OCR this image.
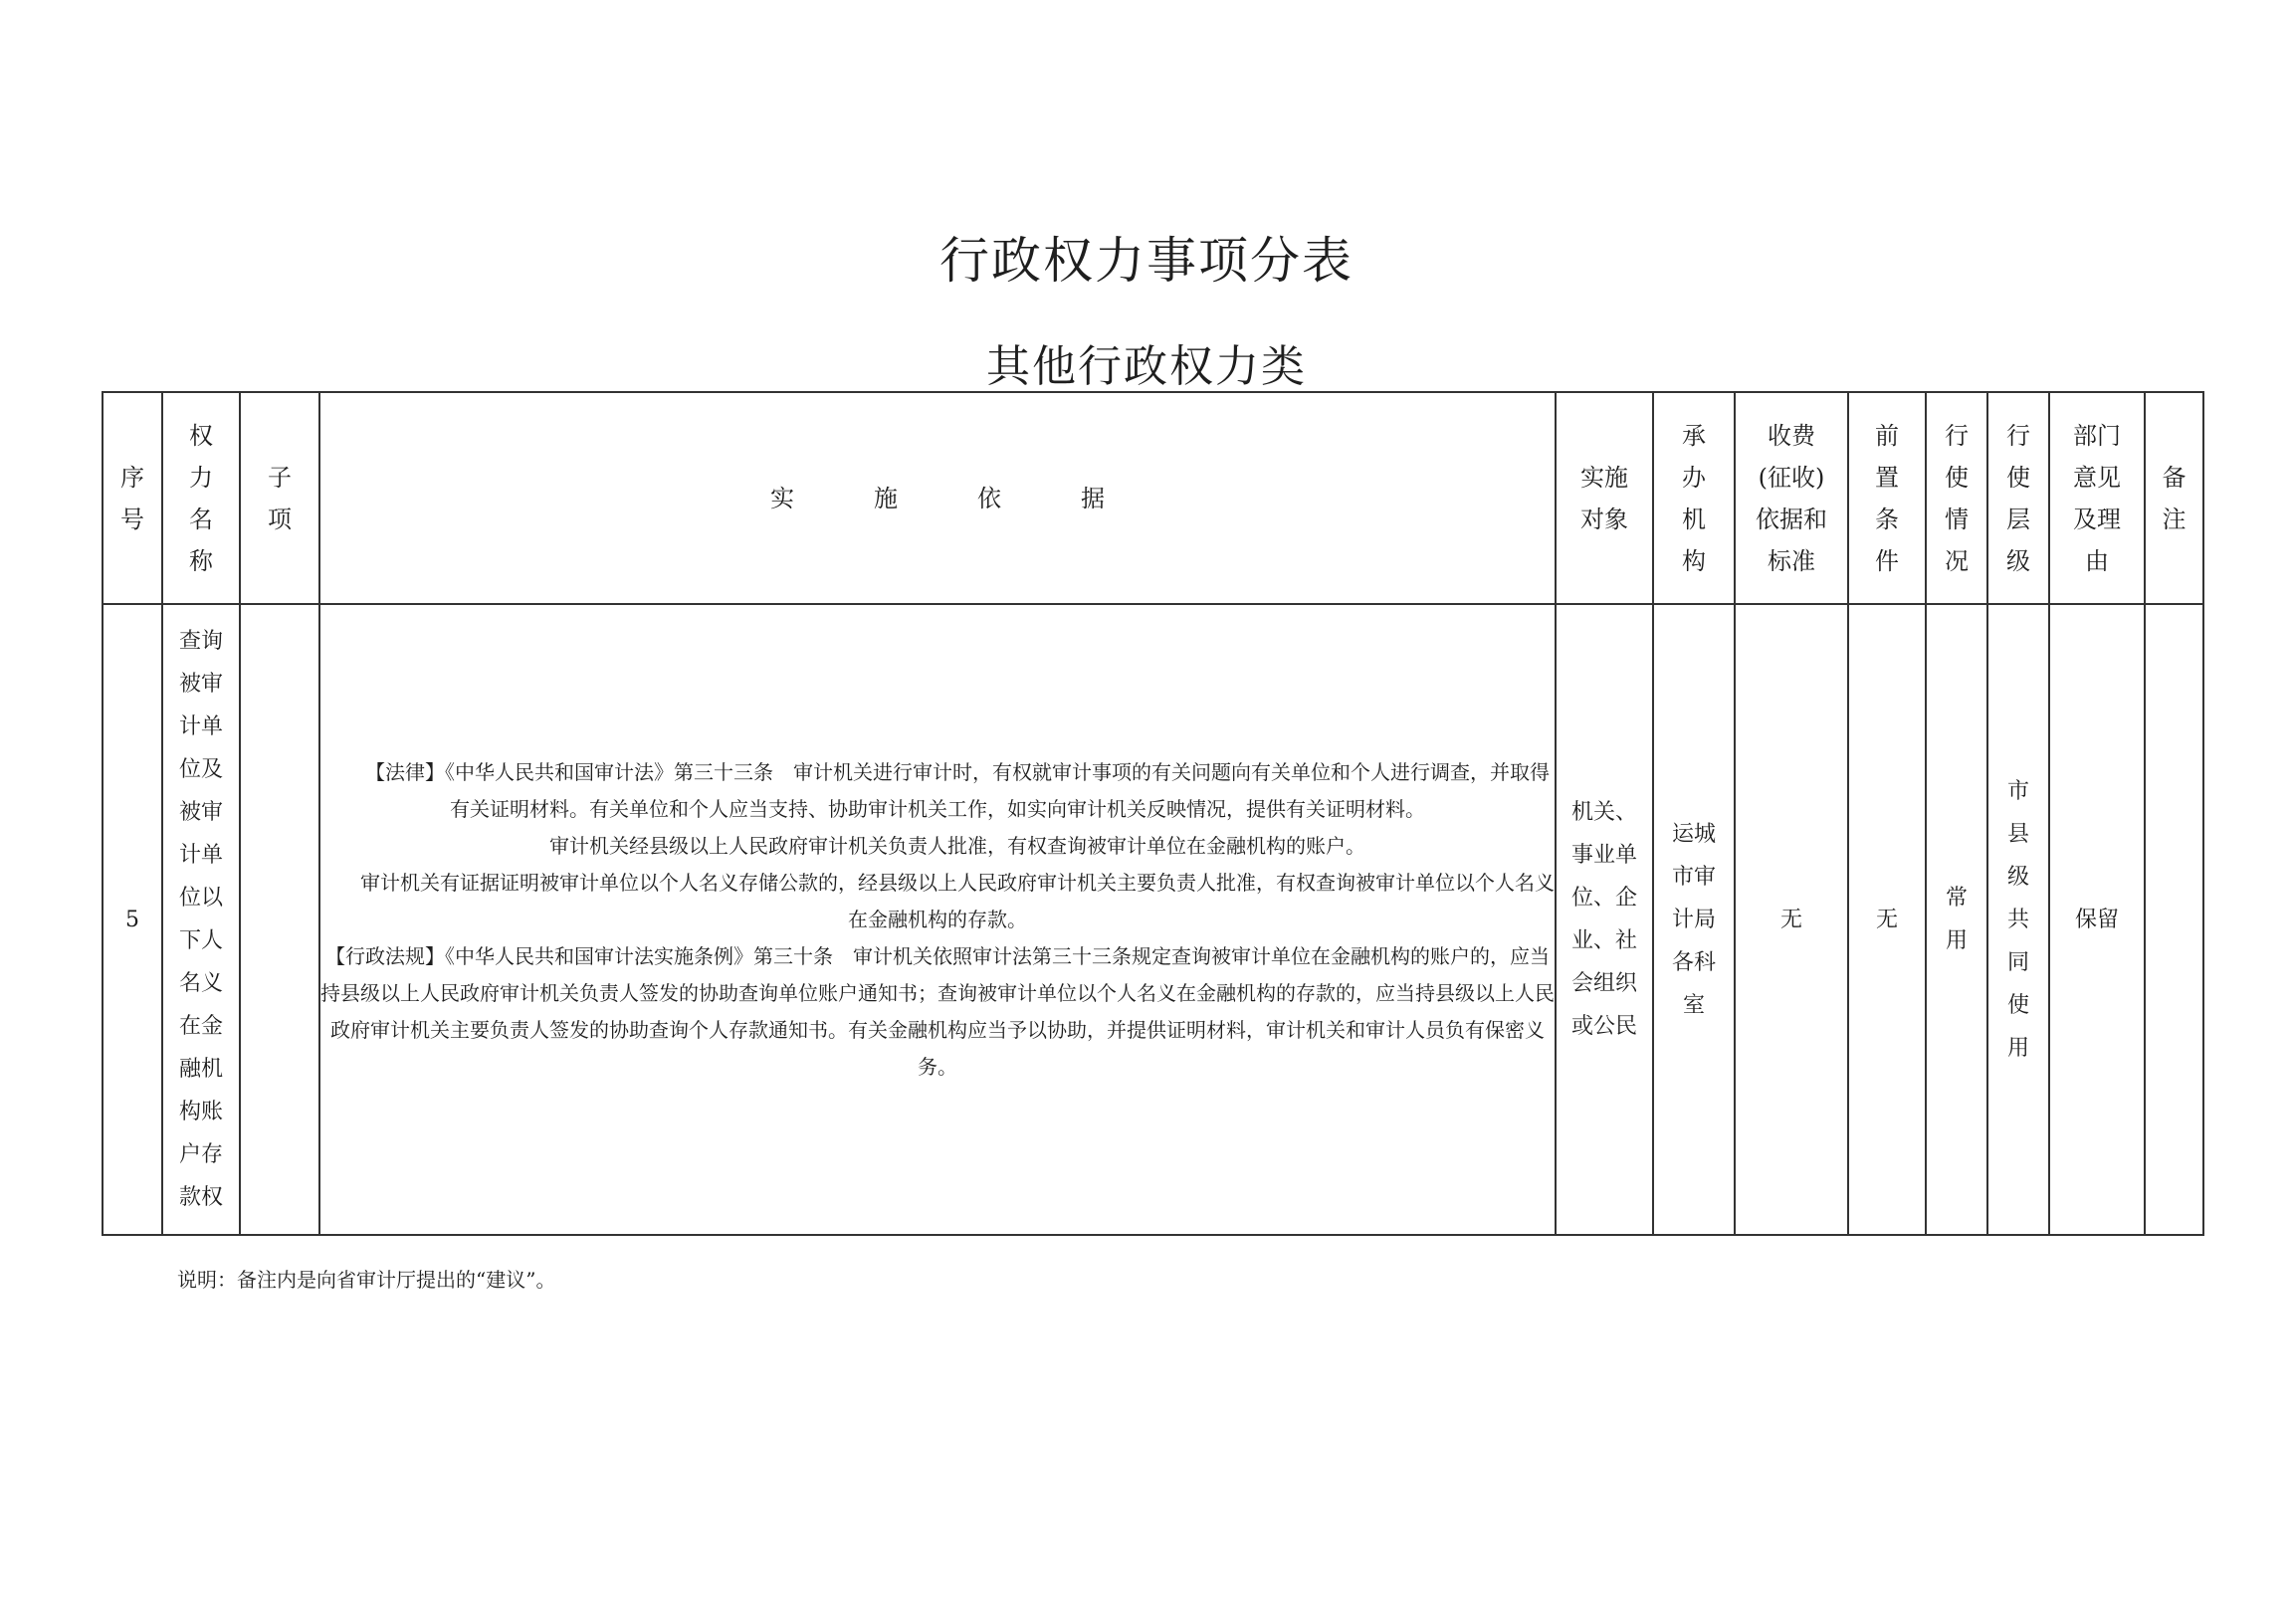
行政权力事项分表
其他行政权力类
序号	权力名称	子项	实施依据	实施对象	承办机构	收费(征收)依据和标准	前置条件	行使情况	行使层级	部门意见及理由	备注
5	查询被审计单位及被审计单位以下人名义在金融机构账户存款权		【法律】《中华人民共和国审计法》第三十三条　审计机关进行审计时，有权就审计事项的有关问题向有关单位和个人进行调查，并取得有关证明材料。有关单位和个人应当支持、协助审计机关工作，如实向审计机关反映情况，提供有关证明材料。

审计机关经县级以上人民政府审计机关负责人批准，有权查询被审计单位在金融机构的账户。

审计机关有证据证明被审计单位以个人名义存储公款的，经县级以上人民政府审计机关主要负责人批准，有权查询被审计单位以个人名义在金融机构的存款。

【行政法规】《中华人民共和国审计法实施条例》第三十条　审计机关依照审计法第三十三条规定查询被审计单位在金融机构的账户的，应当持县级以上人民政府审计机关负责人签发的协助查询单位账户通知书；查询被审计单位以个人名义在金融机构的存款的，应当持县级以上人民政府审计机关主要负责人签发的协助查询个人存款通知书。有关金融机构应当予以协助，并提供证明材料，审计机关和审计人员负有保密义务。	机关、事业单位、企业、社会组织或公民	运城市审计局各科室	无	无	常用	市县级共同使用	保留	
说明：备注内是向省审计厅提出的“建议”。
